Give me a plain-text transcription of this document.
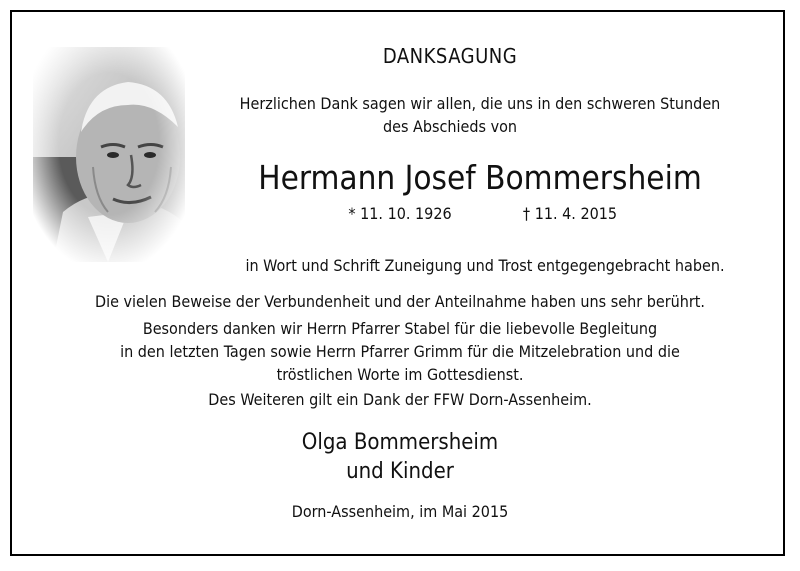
DANKSAGUNG
Herzlichen Dank sagen wir allen, die uns in den schweren Stunden
des Abschieds von
Hermann Josef Bommersheim
* 11. 10. 1926	† 11. 4. 2015
in Wort und Schrift Zuneigung und Trost entgegengebracht haben.
Die vielen Beweise der Verbundenheit und der Anteilnahme haben uns sehr berührt.
Besonders danken wir Herrn Pfarrer Stabel für die liebevolle Begleitung
in den letzten Tagen sowie Herrn Pfarrer Grimm für die Mitzelebration und die
tröstlichen Worte im Gottesdienst.
Des Weiteren gilt ein Dank der FFW Dorn-Assenheim.
Olga Bommersheim
und Kinder
Dorn-Assenheim, im Mai 2015
